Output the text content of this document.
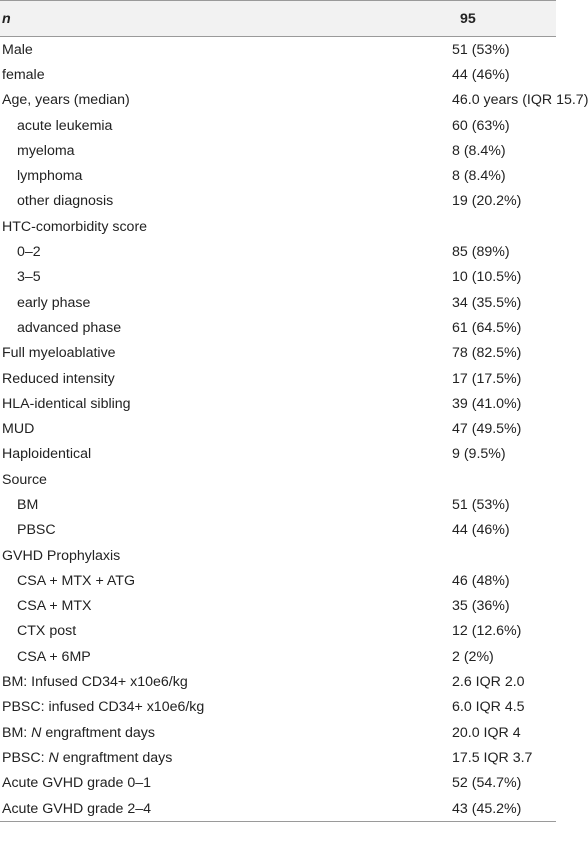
n	95
Male	51 (53%)
female	44 (46%)
Age, years (median)	46.0 years (IQR 15.7)
acute leukemia	60 (63%)
myeloma	8 (8.4%)
lymphoma	8 (8.4%)
other diagnosis	19 (20.2%)
HTC-comorbidity score	
0–2	85 (89%)
3–5	10 (10.5%)
early phase	34 (35.5%)
advanced phase	61 (64.5%)
Full myeloablative	78 (82.5%)
Reduced intensity	17 (17.5%)
HLA-identical sibling	39 (41.0%)
MUD	47 (49.5%)
Haploidentical	9 (9.5%)
Source	
BM	51 (53%)
PBSC	44 (46%)
GVHD Prophylaxis	
CSA + MTX + ATG	46 (48%)
CSA + MTX	35 (36%)
CTX post	12 (12.6%)
CSA + 6MP	2 (2%)
BM: Infused CD34+ x10e6/kg	2.6 IQR 2.0
PBSC: infused CD34+ x10e6/kg	6.0 IQR 4.5
BM: N engraftment days	20.0 IQR 4
PBSC: N engraftment days	17.5 IQR 3.7
Acute GVHD grade 0–1	52 (54.7%)
Acute GVHD grade 2–4	43 (45.2%)
